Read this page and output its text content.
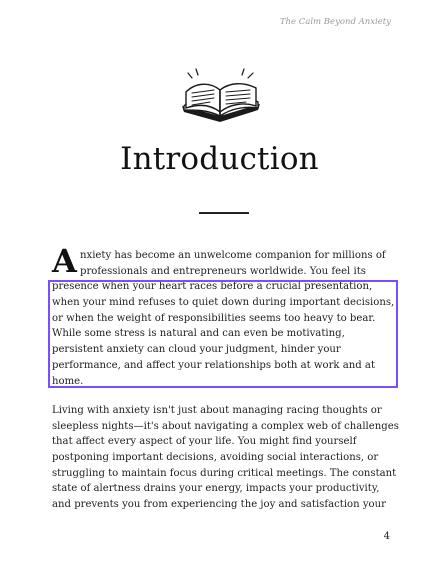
The Calm Beyond Anxiety
Introduction
A nxiety has become an unwelcome companion for millions of
professionals and entrepreneurs worldwide. You feel its
presence when your heart races before a crucial presentation,
when your mind refuses to quiet down during important decisions,
or when the weight of responsibilities seems too heavy to bear.
While some stress is natural and can even be motivating,
persistent anxiety can cloud your judgment, hinder your
performance, and affect your relationships both at work and at
home.
Living with anxiety isn't just about managing racing thoughts or
sleepless nights—it's about navigating a complex web of challenges
that affect every aspect of your life. You might find yourself
postponing important decisions, avoiding social interactions, or
struggling to maintain focus during critical meetings. The constant
state of alertness drains your energy, impacts your productivity,
and prevents you from experiencing the joy and satisfaction your
4
